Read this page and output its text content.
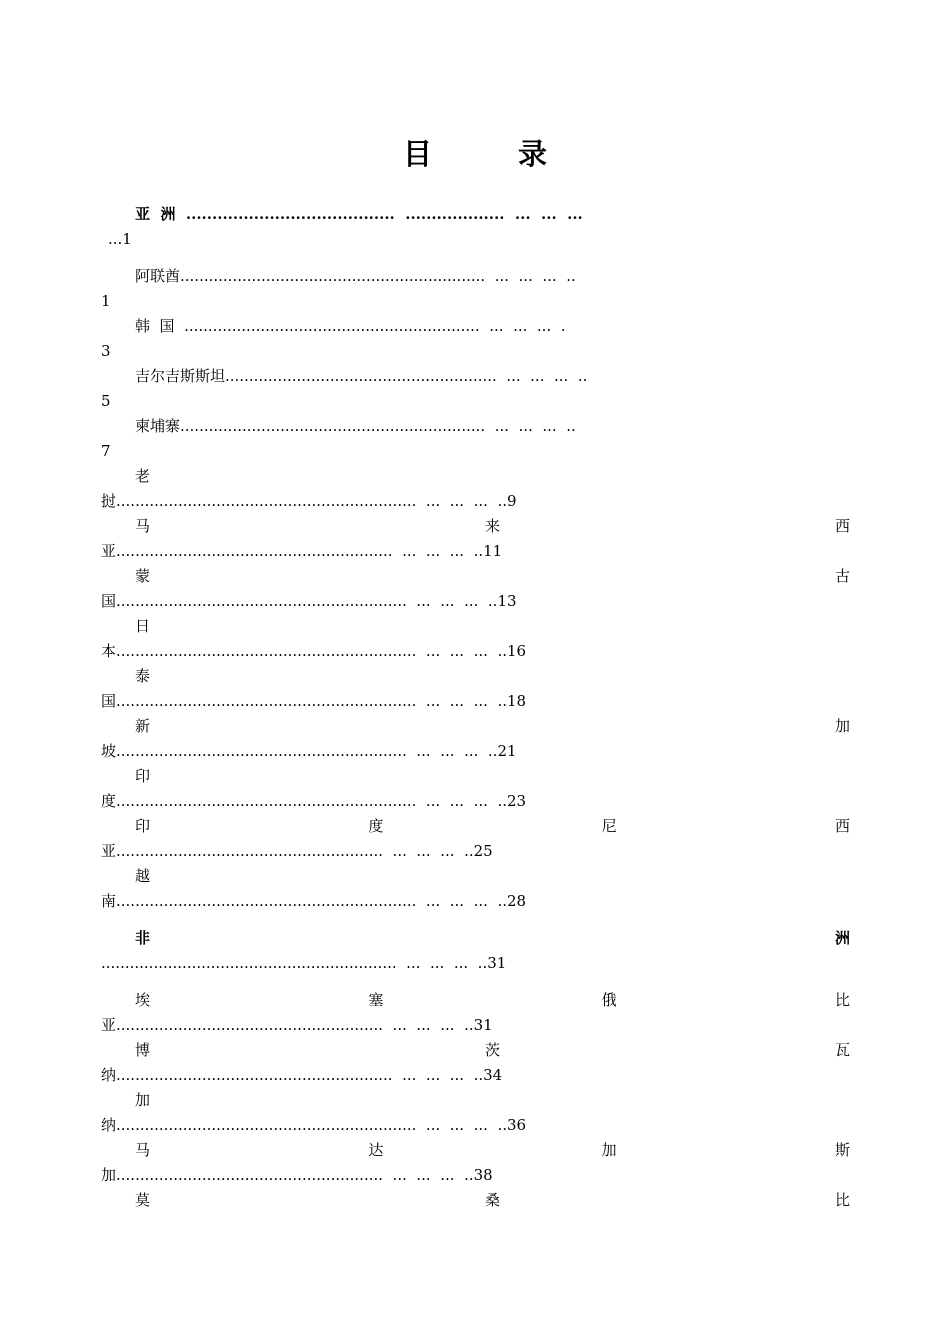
目 录
亚  洲  ........................................  ...................  ...  ...  ...
...1
阿联酋................................................................  ...  ...  ...  ..
1
韩  国  ..............................................................  ...  ...  ...  .
3
吉尔吉斯斯坦.........................................................  ...  ...  ...  ..
5
柬埔寨................................................................  ...  ...  ...  ..
7
老
挝...............................................................  ...  ...  ...  ..9
马	来	西
亚..........................................................  ...  ...  ...  ..11
蒙	古
国.............................................................  ...  ...  ...  ..13
日
本...............................................................  ...  ...  ...  ..16
泰
国...............................................................  ...  ...  ...  ..18
新	加
坡.............................................................  ...  ...  ...  ..21
印
度...............................................................  ...  ...  ...  ..23
印	度	尼	西
亚........................................................  ...  ...  ...  ..25
越
南...............................................................  ...  ...  ...  ..28
非	洲
..............................................................  ...  ...  ...  ..31
埃	塞	俄	比
亚........................................................  ...  ...  ...  ..31
博	茨	瓦
纳..........................................................  ...  ...  ...  ..34
加
纳...............................................................  ...  ...  ...  ..36
马	达	加	斯
加........................................................  ...  ...  ...  ..38
莫	桑	比
